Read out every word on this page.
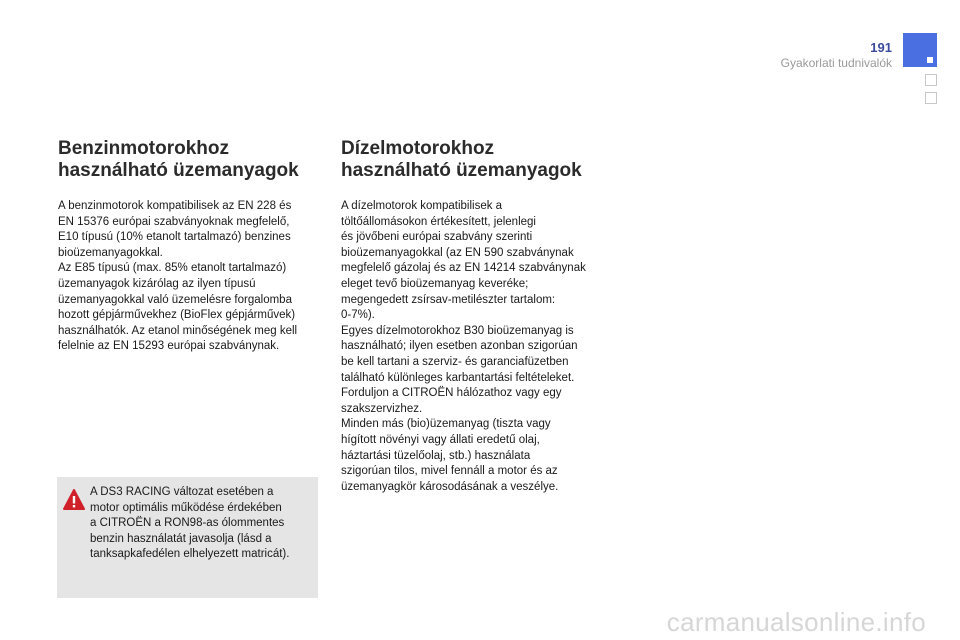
191
Gyakorlati tudnivalók
Benzinmotorokhoz
használható üzemanyagok

A benzinmotorok kompatibilisek az EN 228 és
EN 15376 európai szabványoknak megfelelő,
E10 típusú (10% etanolt tartalmazó) benzines
bioüzemanyagokkal.
Az E85 típusú (max. 85% etanolt tartalmazó)
üzemanyagok kizárólag az ilyen típusú
üzemanyagokkal való üzemelésre forgalomba
hozott gépjárművekhez (BioFlex gépjárművek)
használhatók. Az etanol minőségének meg kell
felelnie az EN 15293 európai szabványnak.

Dízelmotorokhoz
használható üzemanyagok

A dízelmotorok kompatibilisek a
töltőállomásokon értékesített, jelenlegi
és jövőbeni európai szabvány szerinti
bioüzemanyagokkal (az EN 590 szabványnak
megfelelő gázolaj és az EN 14214 szabványnak
eleget tevő bioüzemanyag keveréke;
megengedett zsírsav-metilészter tartalom:
0-7%).
Egyes dízelmotorokhoz B30 bioüzemanyag is
használható; ilyen esetben azonban szigorúan
be kell tartani a szerviz- és garanciafüzetben
található különleges karbantartási feltételeket.
Forduljon a CITROËN hálózathoz vagy egy
szakszervizhez.
Minden más (bio)üzemanyag (tiszta vagy
hígított növényi vagy állati eredetű olaj,
háztartási tüzelőolaj, stb.) használata
szigorúan tilos, mivel fennáll a motor és az
üzemanyagkör károsodásának a veszélye.

A DS3 RACING változat esetében a
motor optimális működése érdekében
a CITROËN a RON98-as ólommentes
benzin használatát javasolja (lásd a
tanksapkafedélen elhelyezett matricát).
carmanualsonline.info
